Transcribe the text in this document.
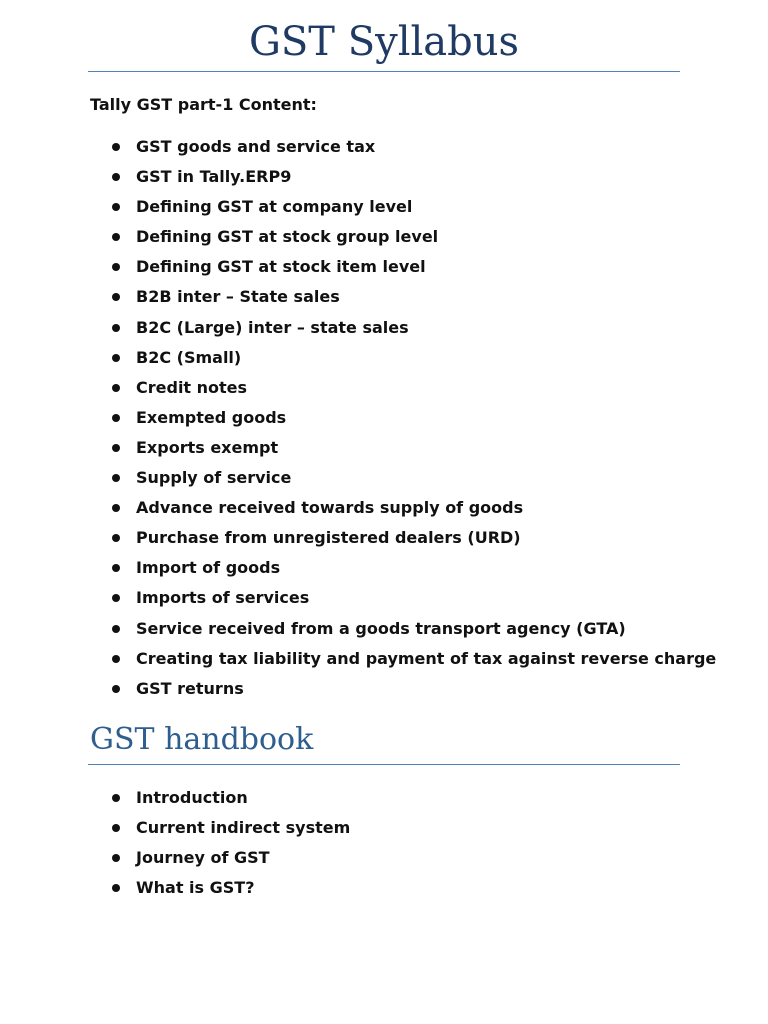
GST Syllabus

Tally GST part-1 Content:

GST goods and service tax
GST in Tally.ERP9
Defining GST at company level
Defining GST at stock group level
Defining GST at stock item level
B2B inter – State sales
B2C (Large) inter – state sales
B2C (Small)
Credit notes
Exempted goods
Exports exempt
Supply of service
Advance received towards supply of goods
Purchase from unregistered dealers (URD)
Import of goods
Imports of services
Service received from a goods transport agency (GTA)
Creating tax liability and payment of tax against reverse charge
GST returns
GST handbook
Introduction
Current indirect system
Journey of GST
What is GST?
